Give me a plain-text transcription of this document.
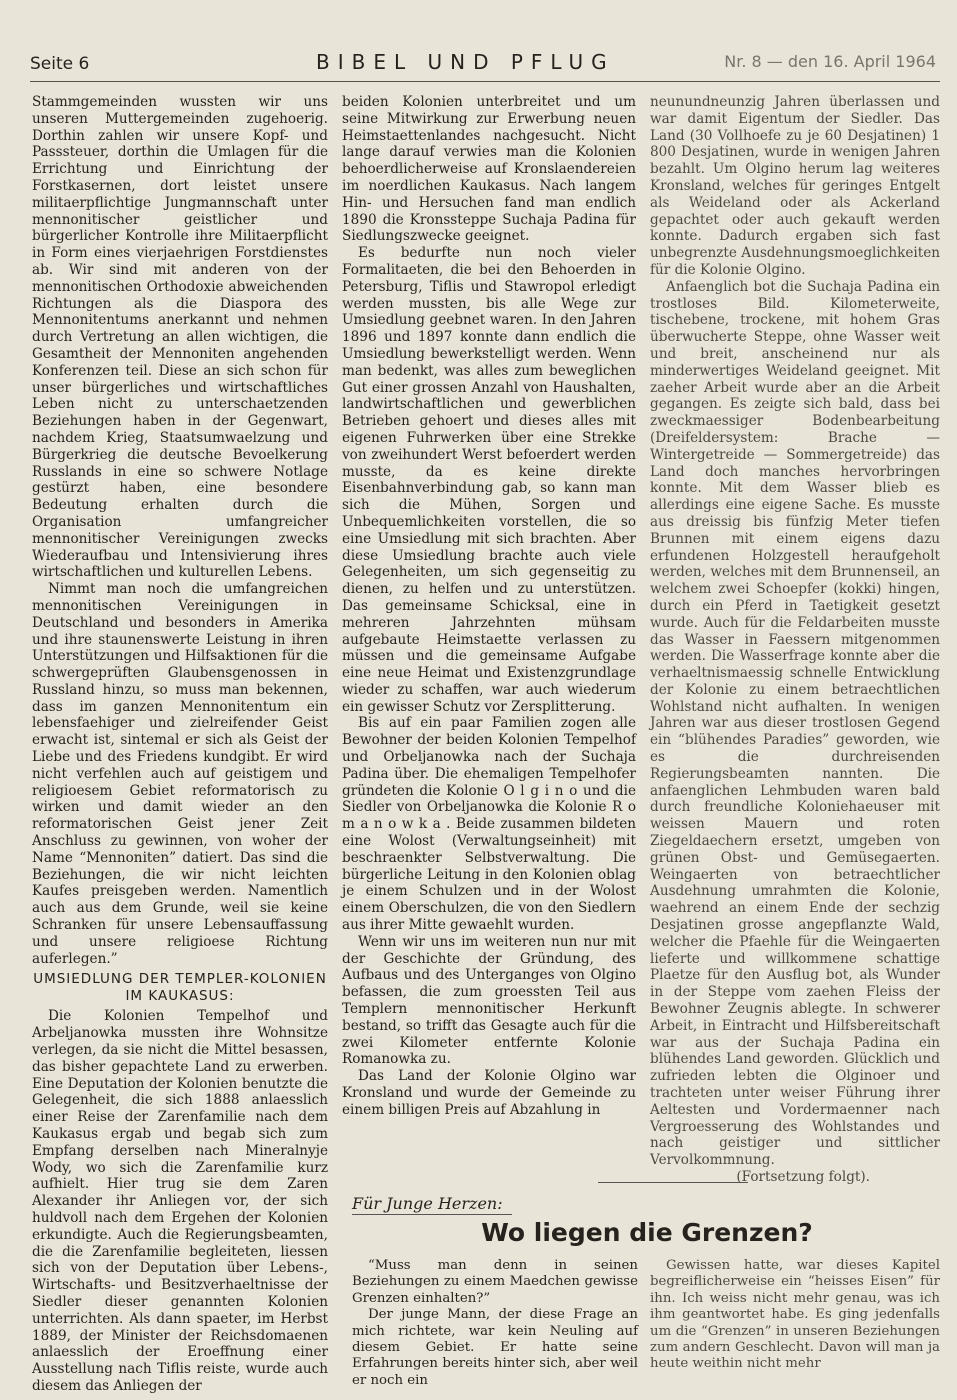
Seite 6	BIBEL UND PFLUG	Nr. 8 — den 16. April 1964

Stammgemeinden wussten wir uns unseren Muttergemeinden zugehoerig. Dorthin zahlen wir unsere Kopf- und Passsteuer, dorthin die Umlagen für die Errichtung und Einrichtung der Forstkasernen, dort leistet unsere militaerpflichtige Jungmannschaft unter mennonitischer geistlicher und bürgerlicher Kontrolle ihre Militaerpflicht in Form eines vierjaehrigen Forstdienstes ab. Wir sind mit anderen von der mennonitischen Orthodoxie abweichenden Richtungen als die Diaspora des Mennonitentums anerkannt und nehmen durch Vertretung an allen wichtigen, die Gesamtheit der Mennoniten angehenden Konferenzen teil. Diese an sich schon für unser bürgerliches und wirtschaftliches Leben nicht zu unterschaetzenden Beziehungen haben in der Gegenwart, nachdem Krieg, Staatsumwaelzung und Bürgerkrieg die deutsche Bevoelkerung Russlands in eine so schwere Notlage gestürzt haben, eine besondere Bedeutung erhalten durch die Organisation umfangreicher mennonitischer Vereinigungen zwecks Wiederaufbau und Intensivierung ihres wirtschaftlichen und kulturellen Lebens.

Nimmt man noch die umfangreichen mennonitischen Vereinigungen in Deutschland und besonders in Amerika und ihre staunenswerte Leistung in ihren Unterstützungen und Hilfsaktionen für die schwergeprüften Glaubensgenossen in Russland hinzu, so muss man bekennen, dass im ganzen Mennonitentum ein lebensfaehiger und zielreifender Geist erwacht ist, sintemal er sich als Geist der Liebe und des Friedens kundgibt. Er wird nicht verfehlen auch auf geistigem und religioesem Gebiet reformatorisch zu wirken und damit wieder an den reformatorischen Geist jener Zeit Anschluss zu gewinnen, von woher der Name “Mennoniten” datiert. Das sind die Beziehungen, die wir nicht leichten Kaufes preisgeben werden. Namentlich auch aus dem Grunde, weil sie keine Schranken für unsere Lebensauffassung und unsere religioese Richtung auferlegen.”

UMSIEDLUNG DER TEMPLER-KOLONIEN IM KAUKASUS:

Die Kolonien Tempelhof und Arbeljanowka mussten ihre Wohnsitze verlegen, da sie nicht die Mittel besassen, das bisher gepachtete Land zu erwerben. Eine Deputation der Kolonien benutzte die Gelegenheit, die sich 1888 anlaesslich einer Reise der Zarenfamilie nach dem Kaukasus ergab und begab sich zum Empfang derselben nach Mineralnyje Wody, wo sich die Zarenfamilie kurz aufhielt. Hier trug sie dem Zaren Alexander ihr Anliegen vor, der sich huldvoll nach dem Ergehen der Kolonien erkundigte. Auch die Regierungsbeamten, die die Zarenfamilie begleiteten, liessen sich von der Deputation über Lebens-, Wirtschafts- und Besitzverhaeltnisse der Siedler dieser genannten Kolonien unterrichten. Als dann spaeter, im Herbst 1889, der Minister der Reichsdomaenen anlaesslich der Eroeffnung einer Ausstellung nach Tiflis reiste, wurde auch diesem das Anliegen der

beiden Kolonien unterbreitet und um seine Mitwirkung zur Erwerbung neuen Heimstaettenlandes nachgesucht. Nicht lange darauf verwies man die Kolonien behoerdlicherweise auf Kronslaendereien im noerdlichen Kaukasus. Nach langem Hin- und Hersuchen fand man endlich 1890 die Kronssteppe Suchaja Padina für Siedlungszwecke geeignet.

Es bedurfte nun noch vieler Formalitaeten, die bei den Behoerden in Petersburg, Tiflis und Stawropol erledigt werden mussten, bis alle Wege zur Umsiedlung geebnet waren. In den Jahren 1896 und 1897 konnte dann endlich die Umsiedlung bewerkstelligt werden. Wenn man bedenkt, was alles zum beweglichen Gut einer grossen Anzahl von Haushalten, landwirtschaftlichen und gewerblichen Betrieben gehoert und dieses alles mit eigenen Fuhrwerken über eine Strekke von zweihundert Werst befoerdert werden musste, da es keine direkte Eisenbahnverbindung gab, so kann man sich die Mühen, Sorgen und Unbequemlichkeiten vorstellen, die so eine Umsiedlung mit sich brachten. Aber diese Umsiedlung brachte auch viele Gelegenheiten, um sich gegenseitig zu dienen, zu helfen und zu unterstützen. Das gemeinsame Schicksal, eine in mehreren Jahrzehnten mühsam aufgebaute Heimstaette verlassen zu müssen und die gemeinsame Aufgabe eine neue Heimat und Existenzgrundlage wieder zu schaffen, war auch wiederum ein gewisser Schutz vor Zersplitterung.

Bis auf ein paar Familien zogen alle Bewohner der beiden Kolonien Tempelhof und Orbeljanowka nach der Suchaja Padina über. Die ehemaligen Tempelhofer gründeten die Kolonie O l g i n o und die Siedler von Orbeljanowka die Kolonie R o m a n o w k a . Beide zusammen bildeten eine Wolost (Verwaltungseinheit) mit beschraenkter Selbstverwaltung. Die bürgerliche Leitung in den Kolonien oblag je einem Schulzen und in der Wolost einem Oberschulzen, die von den Siedlern aus ihrer Mitte gewaehlt wurden.

Wenn wir uns im weiteren nun nur mit der Geschichte der Gründung, des Aufbaus und des Unterganges von Olgino befassen, die zum groessten Teil aus Templern mennonitischer Herkunft bestand, so trifft das Gesagte auch für die zwei Kilometer entfernte Kolonie Romanowka zu.

Das Land der Kolonie Olgino war Kronsland und wurde der Gemeinde zu einem billigen Preis auf Abzahlung in

neunundneunzig Jahren überlassen und war damit Eigentum der Siedler. Das Land (30 Vollhoefe zu je 60 Desjatinen) 1 800 Desjatinen, wurde in wenigen Jahren bezahlt. Um Olgino herum lag weiteres Kronsland, welches für geringes Entgelt als Weideland oder als Ackerland gepachtet oder auch gekauft werden konnte. Dadurch ergaben sich fast unbegrenzte Ausdehnungsmoeglichkeiten für die Kolonie Olgino.

Anfaenglich bot die Suchaja Padina ein trostloses Bild. Kilometerweite, tischebene, trockene, mit hohem Gras überwucherte Steppe, ohne Wasser weit und breit, anscheinend nur als minderwertiges Weideland geeignet. Mit zaeher Arbeit wurde aber an die Arbeit gegangen. Es zeigte sich bald, dass bei zweckmaessiger Bodenbearbeitung (Dreifeldersystem: Brache — Wintergetreide — Sommergetreide) das Land doch manches hervorbringen konnte. Mit dem Wasser blieb es allerdings eine eigene Sache. Es musste aus dreissig bis fünfzig Meter tiefen Brunnen mit einem eigens dazu erfundenen Holzgestell heraufgeholt werden, welches mit dem Brunnenseil, an welchem zwei Schoepfer (kokki) hingen, durch ein Pferd in Taetigkeit gesetzt wurde. Auch für die Feldarbeiten musste das Wasser in Faessern mitgenommen werden. Die Wasserfrage konnte aber die verhaeltnismaessig schnelle Entwicklung der Kolonie zu einem betraechtlichen Wohlstand nicht aufhalten. In wenigen Jahren war aus dieser trostlosen Gegend ein “blühendes Paradies” geworden, wie es die durchreisenden Regierungsbeamten nannten. Die anfaenglichen Lehmbuden waren bald durch freundliche Koloniehaeuser mit weissen Mauern und roten Ziegeldaechern ersetzt, umgeben von grünen Obst- und Gemüsegaerten. Weingaerten von betraechtlicher Ausdehnung umrahmten die Kolonie, waehrend an einem Ende der sechzig Desjatinen grosse angepflanzte Wald, welcher die Pfaehle für die Weingaerten lieferte und willkommene schattige Plaetze für den Ausflug bot, als Wunder in der Steppe vom zaehen Fleiss der Bewohner Zeugnis ablegte. In schwerer Arbeit, in Eintracht und Hilfsbereitschaft war aus der Suchaja Padina ein blühendes Land geworden. Glücklich und zufrieden lebten die Olginoer und trachteten unter weiser Führung ihrer Aeltesten und Vordermaenner nach Vergroesserung des Wohlstandes und nach geistiger und sittlicher Vervolkommnung.

(Fortsetzung folgt).

Für Junge Herzen:
Wo liegen die Grenzen?

“Muss man denn in seinen Beziehungen zu einem Maedchen gewisse Grenzen einhalten?”

Der junge Mann, der diese Frage an mich richtete, war kein Neuling auf diesem Gebiet. Er hatte seine Erfahrungen bereits hinter sich, aber weil er noch ein

Gewissen hatte, war dieses Kapitel begreiflicherweise ein “heisses Eisen” für ihn. Ich weiss nicht mehr genau, was ich ihm geantwortet habe. Es ging jedenfalls um die “Grenzen” in unseren Beziehungen zum andern Geschlecht. Davon will man ja heute weithin nicht mehr
